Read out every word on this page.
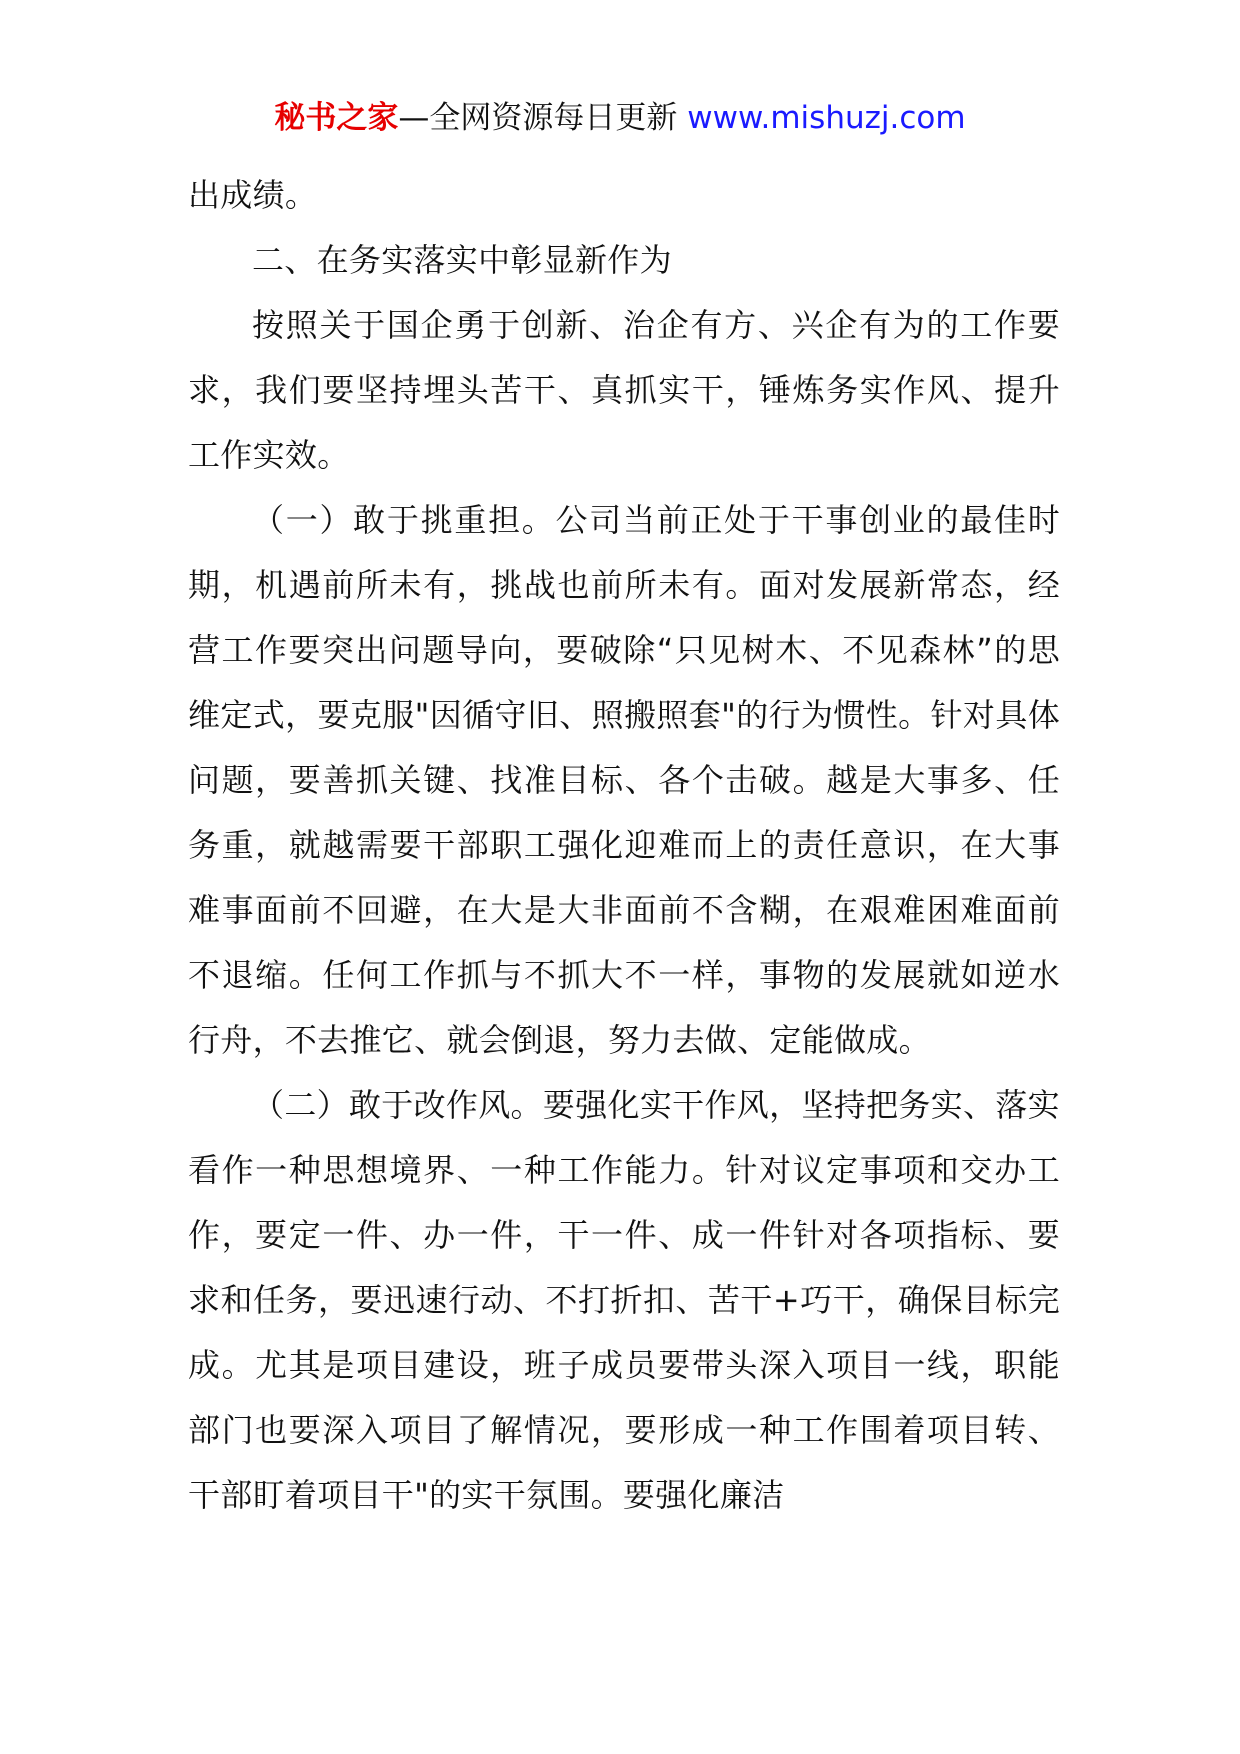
秘书之家—全网资源每日更新 www.mishuzj.com

出成绩。

二、在务实落实中彰显新作为

按照关于国企勇于创新、治企有方、兴企有为的工作要求，我们要坚持埋头苦干、真抓实干，锤炼务实作风、提升工作实效。

（一）敢于挑重担。公司当前正处于干事创业的最佳时期，机遇前所未有，挑战也前所未有。面对发展新常态，经营工作要突出问题导向，要破除“只见树木、不见森林”的思维定式，要克服"因循守旧、照搬照套"的行为惯性。针对具体问题，要善抓关键、找准目标、各个击破。越是大事多、任务重，就越需要干部职工强化迎难而上的责任意识，在大事难事面前不回避，在大是大非面前不含糊，在艰难困难面前不退缩。任何工作抓与不抓大不一样，事物的发展就如逆水行舟，不去推它、就会倒退，努力去做、定能做成。

（二）敢于改作风。要强化实干作风，坚持把务实、落实看作一种思想境界、一种工作能力。针对议定事项和交办工作，要定一件、办一件，干一件、成一件针对各项指标、要求和任务，要迅速行动、不打折扣、苦干+巧干，确保目标完成。尤其是项目建设，班子成员要带头深入项目一线，职能部门也要深入项目了解情况，要形成一种工作围着项目转、干部盯着项目干"的实干氛围。要强化廉洁
